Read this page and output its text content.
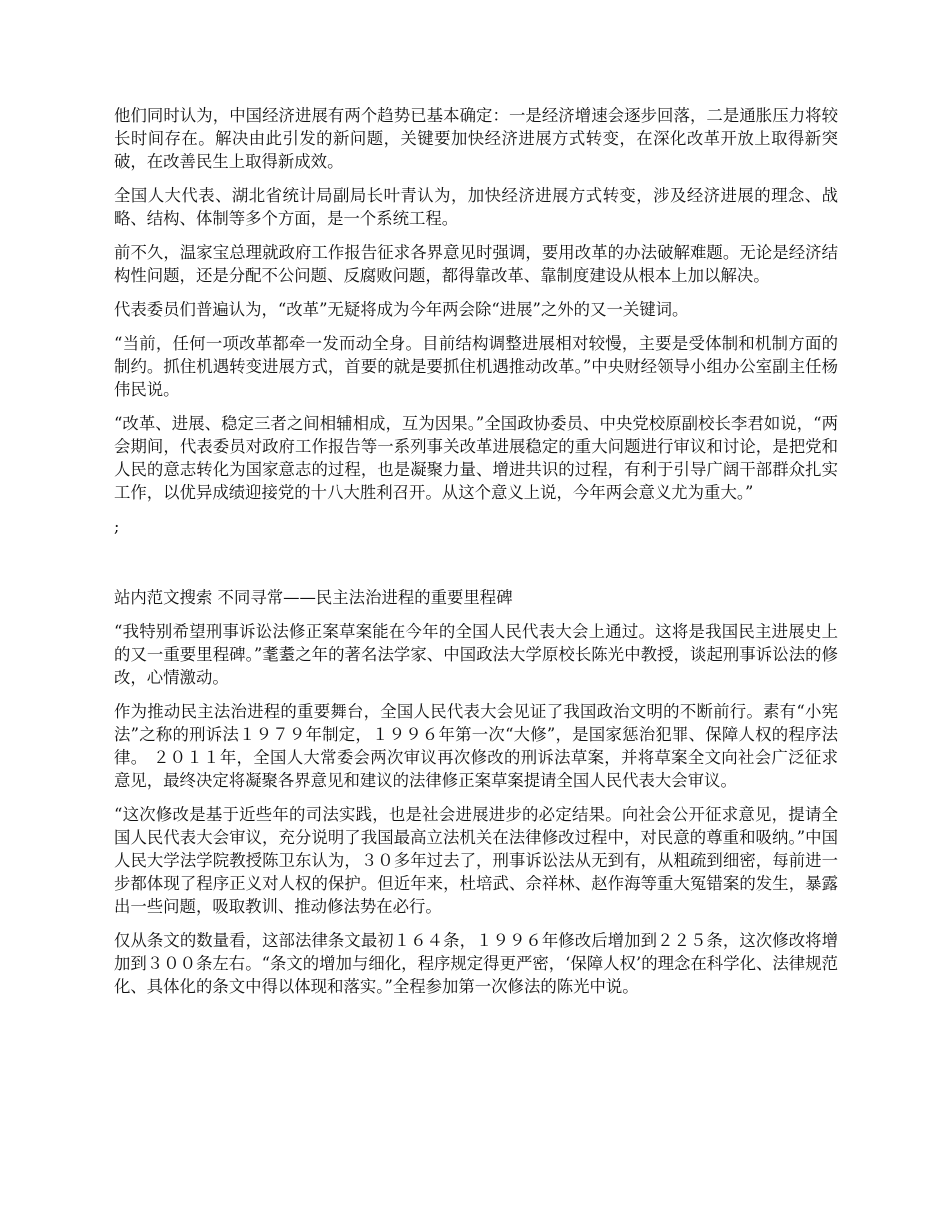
他们同时认为，中国经济进展有两个趋势已基本确定：一是经济增速会逐步回落，二是通胀压力将较长时间存在。解决由此引发的新问题，关键要加快经济进展方式转变，在深化改革开放上取得新突破，在改善民生上取得新成效。

全国人大代表、湖北省统计局副局长叶青认为，加快经济进展方式转变，涉及经济进展的理念、战略、结构、体制等多个方面，是一个系统工程。

前不久，温家宝总理就政府工作报告征求各界意见时强调，要用改革的办法破解难题。无论是经济结构性问题，还是分配不公问题、反腐败问题，都得靠改革、靠制度建设从根本上加以解决。

代表委员们普遍认为，“改革”无疑将成为今年两会除“进展”之外的又一关键词。

“当前，任何一项改革都牵一发而动全身。目前结构调整进展相对较慢，主要是受体制和机制方面的制约。抓住机遇转变进展方式，首要的就是要抓住机遇推动改革。”中央财经领导小组办公室副主任杨伟民说。

“改革、进展、稳定三者之间相辅相成，互为因果。”全国政协委员、中央党校原副校长李君如说，“两会期间，代表委员对政府工作报告等一系列事关改革进展稳定的重大问题进行审议和讨论，是把党和人民的意志转化为国家意志的过程，也是凝聚力量、增进共识的过程，有利于引导广阔干部群众扎实工作，以优异成绩迎接党的十八大胜利召开。从这个意义上说，今年两会意义尤为重大。”

;

站内范文搜索 不同寻常——民主法治进程的重要里程碑

“我特别希望刑事诉讼法修正案草案能在今年的全国人民代表大会上通过。这将是我国民主进展史上的又一重要里程碑。”耄耋之年的著名法学家、中国政法大学原校长陈光中教授，谈起刑事诉讼法的修改，心情激动。

作为推动民主法治进程的重要舞台，全国人民代表大会见证了我国政治文明的不断前行。素有“小宪法”之称的刑诉法１９７９年制定，１９９６年第一次“大修”，是国家惩治犯罪、保障人权的程序法律。 ２０１１年，全国人大常委会两次审议再次修改的刑诉法草案，并将草案全文向社会广泛征求意见，最终决定将凝聚各界意见和建议的法律修正案草案提请全国人民代表大会审议。

“这次修改是基于近些年的司法实践，也是社会进展进步的必定结果。向社会公开征求意见，提请全国人民代表大会审议，充分说明了我国最高立法机关在法律修改过程中，对民意的尊重和吸纳。”中国人民大学法学院教授陈卫东认为，３０多年过去了，刑事诉讼法从无到有，从粗疏到细密，每前进一步都体现了程序正义对人权的保护。但近年来，杜培武、佘祥林、赵作海等重大冤错案的发生，暴露出一些问题，吸取教训、推动修法势在必行。

仅从条文的数量看，这部法律条文最初１６４条，１９９６年修改后增加到２２５条，这次修改将增加到３００条左右。“条文的增加与细化，程序规定得更严密，‘保障人权’的理念在科学化、法律规范化、具体化的条文中得以体现和落实。”全程参加第一次修法的陈光中说。
